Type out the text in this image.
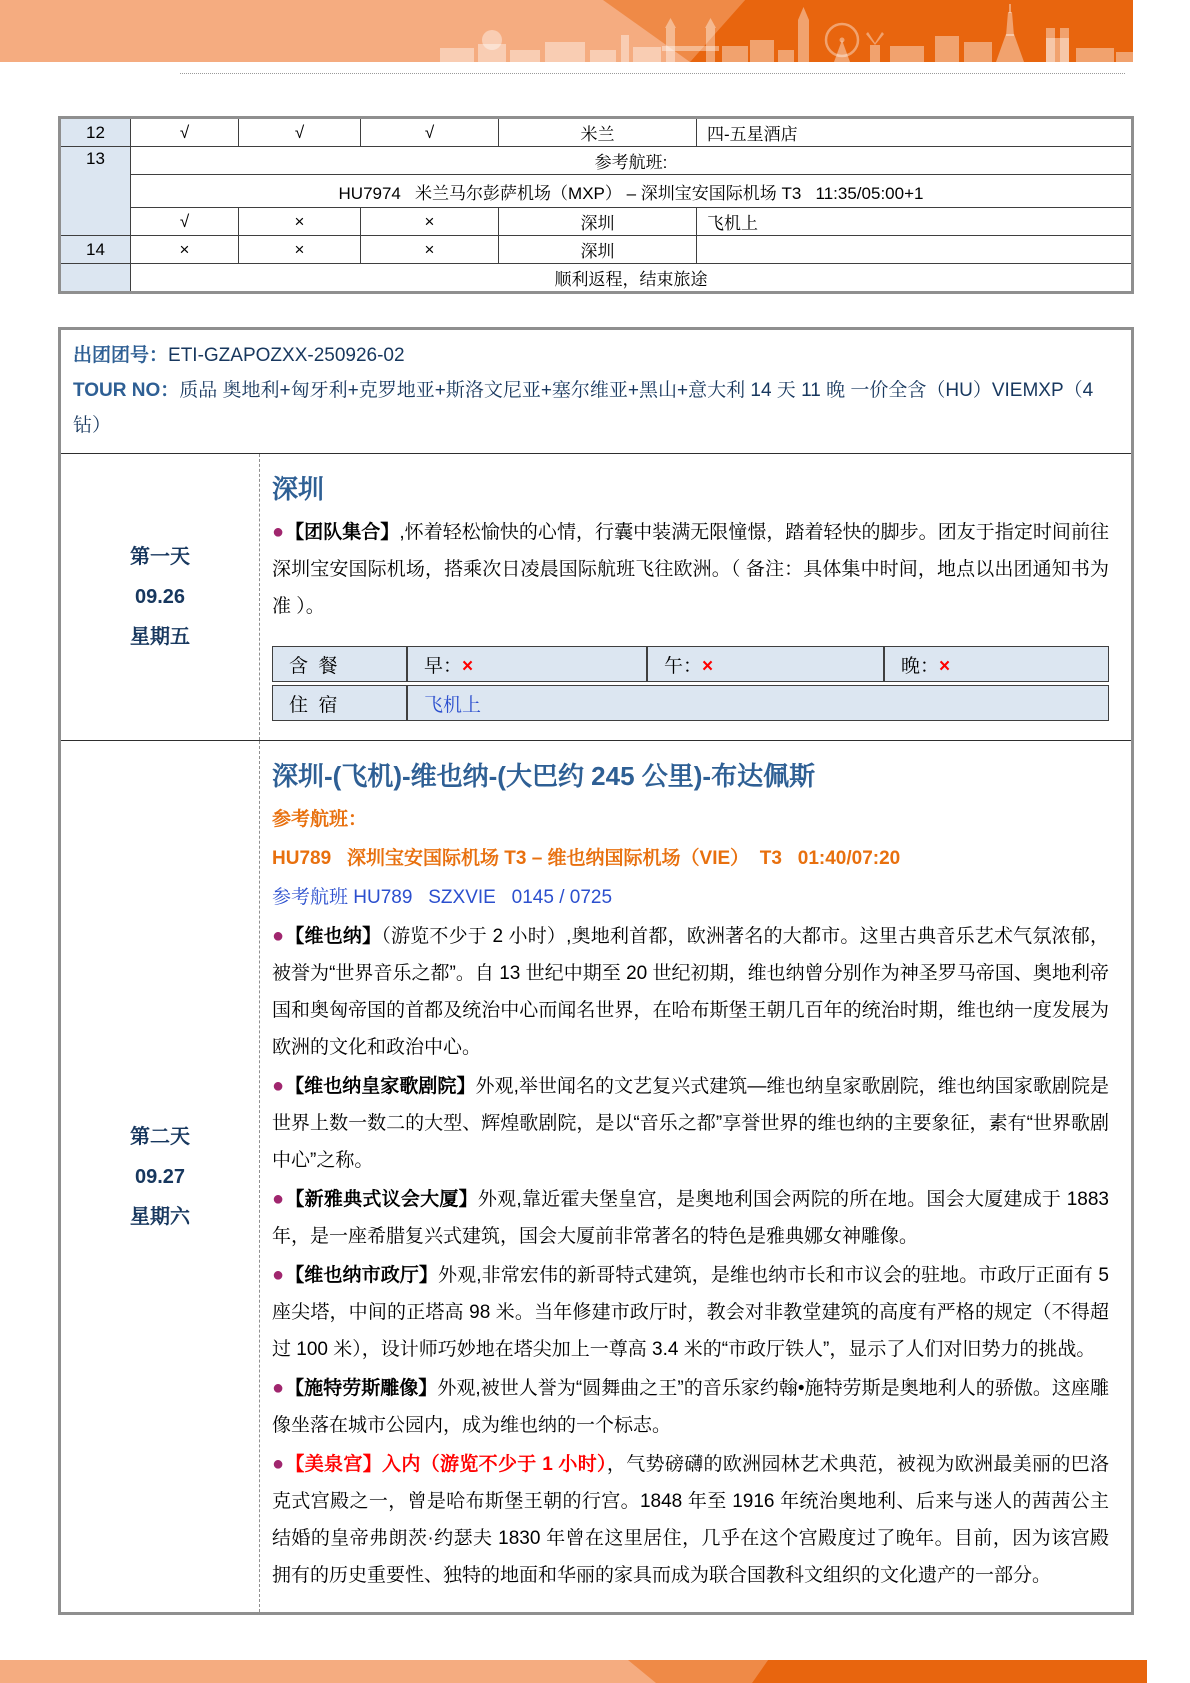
12	√	√	√	米兰	四-五星酒店
13	参考航班:				
	HU7974   米兰马尔彭萨机场（MXP） – 深圳宝安国际机场 T3   11:35/05:00+1				
	√	×	×	深圳	飞机上
14	×	×	×	深圳	
	顺利返程，结束旅途				
出团团号：ETI-GZAPOZXX-250926-02
TOUR NO：质品 奥地利+匈牙利+克罗地亚+斯洛文尼亚+塞尔维亚+黑山+意大利 14 天 11 晚 一价全含（HU）VIEMXP（4 钻）
第一天
09.26
星期五
深圳

●【团队集合】,怀着轻松愉快的心情，行囊中装满无限憧憬，踏着轻快的脚步。团友于指定时间前往深圳宝安国际机场，搭乘次日凌晨国际航班飞往欧洲。（ 备注：具体集中时间，地点以出团通知书为准 ）。

含  餐	早：×	午：×	晚：×
住  宿	飞机上		
第二天
09.27
星期六
深圳-(飞机)-维也纳-(大巴约 245 公里)-布达佩斯

参考航班：

HU789   深圳宝安国际机场 T3 – 维也纳国际机场（VIE）  T3   01:40/07:20

参考航班 HU789   SZXVIE   0145 / 0725

●【维也纳】（游览不少于 2 小时）,奥地利首都，欧洲著名的大都市。这里古典音乐艺术气氛浓郁，被誉为“世界音乐之都”。自 13 世纪中期至 20 世纪初期，维也纳曾分别作为神圣罗马帝国、奥地利帝国和奥匈帝国的首都及统治中心而闻名世界，在哈布斯堡王朝几百年的统治时期，维也纳一度发展为欧洲的文化和政治中心。

●【维也纳皇家歌剧院】外观,举世闻名的文艺复兴式建筑—维也纳皇家歌剧院，维也纳国家歌剧院是世界上数一数二的大型、辉煌歌剧院，是以“音乐之都”享誉世界的维也纳的主要象征，素有“世界歌剧中心”之称。

●【新雅典式议会大厦】外观,靠近霍夫堡皇宫，是奥地利国会两院的所在地。国会大厦建成于 1883 年，是一座希腊复兴式建筑，国会大厦前非常著名的特色是雅典娜女神雕像。

●【维也纳市政厅】外观,非常宏伟的新哥特式建筑，是维也纳市长和市议会的驻地。市政厅正面有 5 座尖塔，中间的正塔高 98 米。当年修建市政厅时，教会对非教堂建筑的高度有严格的规定（不得超过 100 米），设计师巧妙地在塔尖加上一尊高 3.4 米的“市政厅铁人”，显示了人们对旧势力的挑战。

●【施特劳斯雕像】外观,被世人誉为“圆舞曲之王”的音乐家约翰•施特劳斯是奥地利人的骄傲。这座雕像坐落在城市公园内，成为维也纳的一个标志。

●【美泉宫】入内（游览不少于 1 小时），气势磅礴的欧洲园林艺术典范，被视为欧洲最美丽的巴洛克式宫殿之一，曾是哈布斯堡王朝的行宫。1848 年至 1916 年统治奥地利、后来与迷人的茜茜公主结婚的皇帝弗朗茨·约瑟夫 1830 年曾在这里居住，几乎在这个宫殿度过了晚年。目前，因为该宫殿拥有的历史重要性、独特的地面和华丽的家具而成为联合国教科文组织的文化遗产的一部分。
